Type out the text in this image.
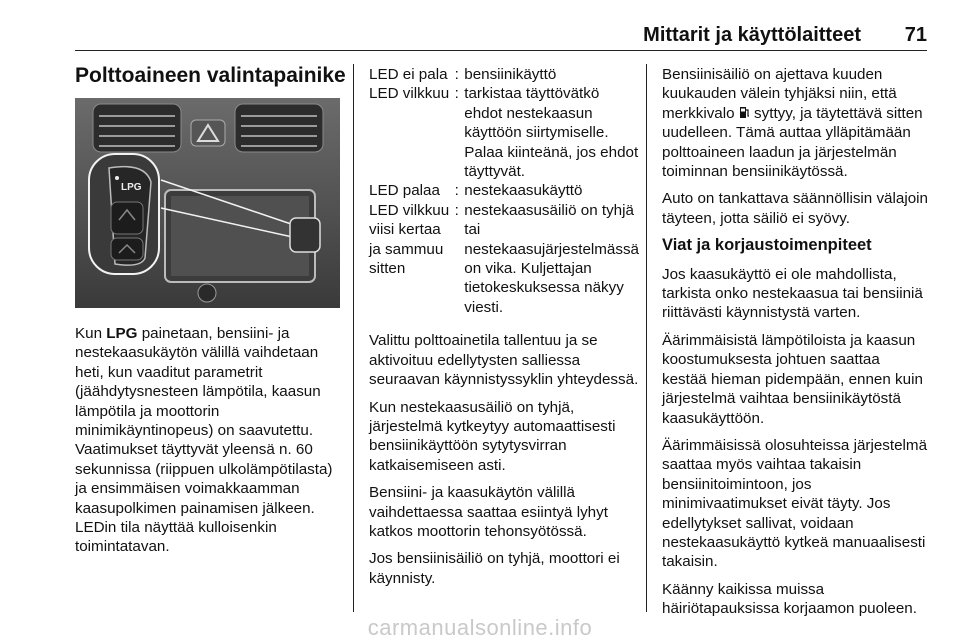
Mittarit ja käyttölaitteet 71
Polttoaineen valintapainike
LPG

Kun LPG painetaan, bensiini- ja nestekaasukäytön välillä vaihdetaan heti, kun vaaditut parametrit (jäähdytysnesteen lämpötila, kaasun lämpötila ja moottorin minimikäyntinopeus) on saavutettu. Vaatimukset täyttyvät yleensä n. 60 sekunnissa (riippuen ulkolämpötilasta) ja ensimmäisen voimakkaamman kaasupolkimen painamisen jälkeen. LEDin tila näyttää kulloisenkin toimintatavan.

LED ei pala	:	bensiinikäyttö
LED vilkkuu	:	tarkistaa täyttövätkö ehdot nestekaasun käyttöön siirtymiselle. Palaa kiinteänä, jos ehdot täyttyvät.
LED palaa	:	nestekaasukäyttö
LED vilkkuu viisi kertaa ja sammuu sitten	:	nestekaasusäiliö on tyhjä tai nestekaasujärjestelmässä on vika. Kuljettajan tietokeskuksessa näkyy viesti.

Valittu polttoainetila tallentuu ja se aktivoituu edellytysten salliessa seuraavan käynnistyssyklin yhteydessä.

Kun nestekaasusäiliö on tyhjä, järjestelmä kytkeytyy automaattisesti bensiinikäyttöön sytytysvirran katkaisemiseen asti.

Bensiini- ja kaasukäytön välillä vaihdettaessa saattaa esiintyä lyhyt katkos moottorin tehonsyötössä.

Jos bensiinisäiliö on tyhjä, moottori ei käynnisty.

Bensiinisäiliö on ajettava kuuden kuukauden välein tyhjäksi niin, että merkkivalo  syttyy, ja täytettävä sitten uudelleen. Tämä auttaa ylläpitämään polttoaineen laadun ja järjestelmän toiminnan bensiinikäytössä.

Auto on tankattava säännöllisin välajoin täyteen, jotta säiliö ei syövy.

Viat ja korjaustoimenpiteet

Jos kaasukäyttö ei ole mahdollista, tarkista onko nestekaasua tai bensiiniä riittävästi käynnistystä varten.

Äärimmäisistä lämpötiloista ja kaasun koostumuksesta johtuen saattaa kestää hieman pidempään, ennen kuin järjestelmä vaihtaa bensiinikäytöstä kaasukäyttöön.

Äärimmäisissä olosuhteissa järjestelmä saattaa myös vaihtaa takaisin bensiinitoimintoon, jos minimivaatimukset eivät täyty. Jos edellytykset sallivat, voidaan nestekaasukäyttö kytkeä manuaalisesti takaisin.

Käänny kaikissa muissa häiriötapauksissa korjaamon puoleen.

carmanualsonline.info
